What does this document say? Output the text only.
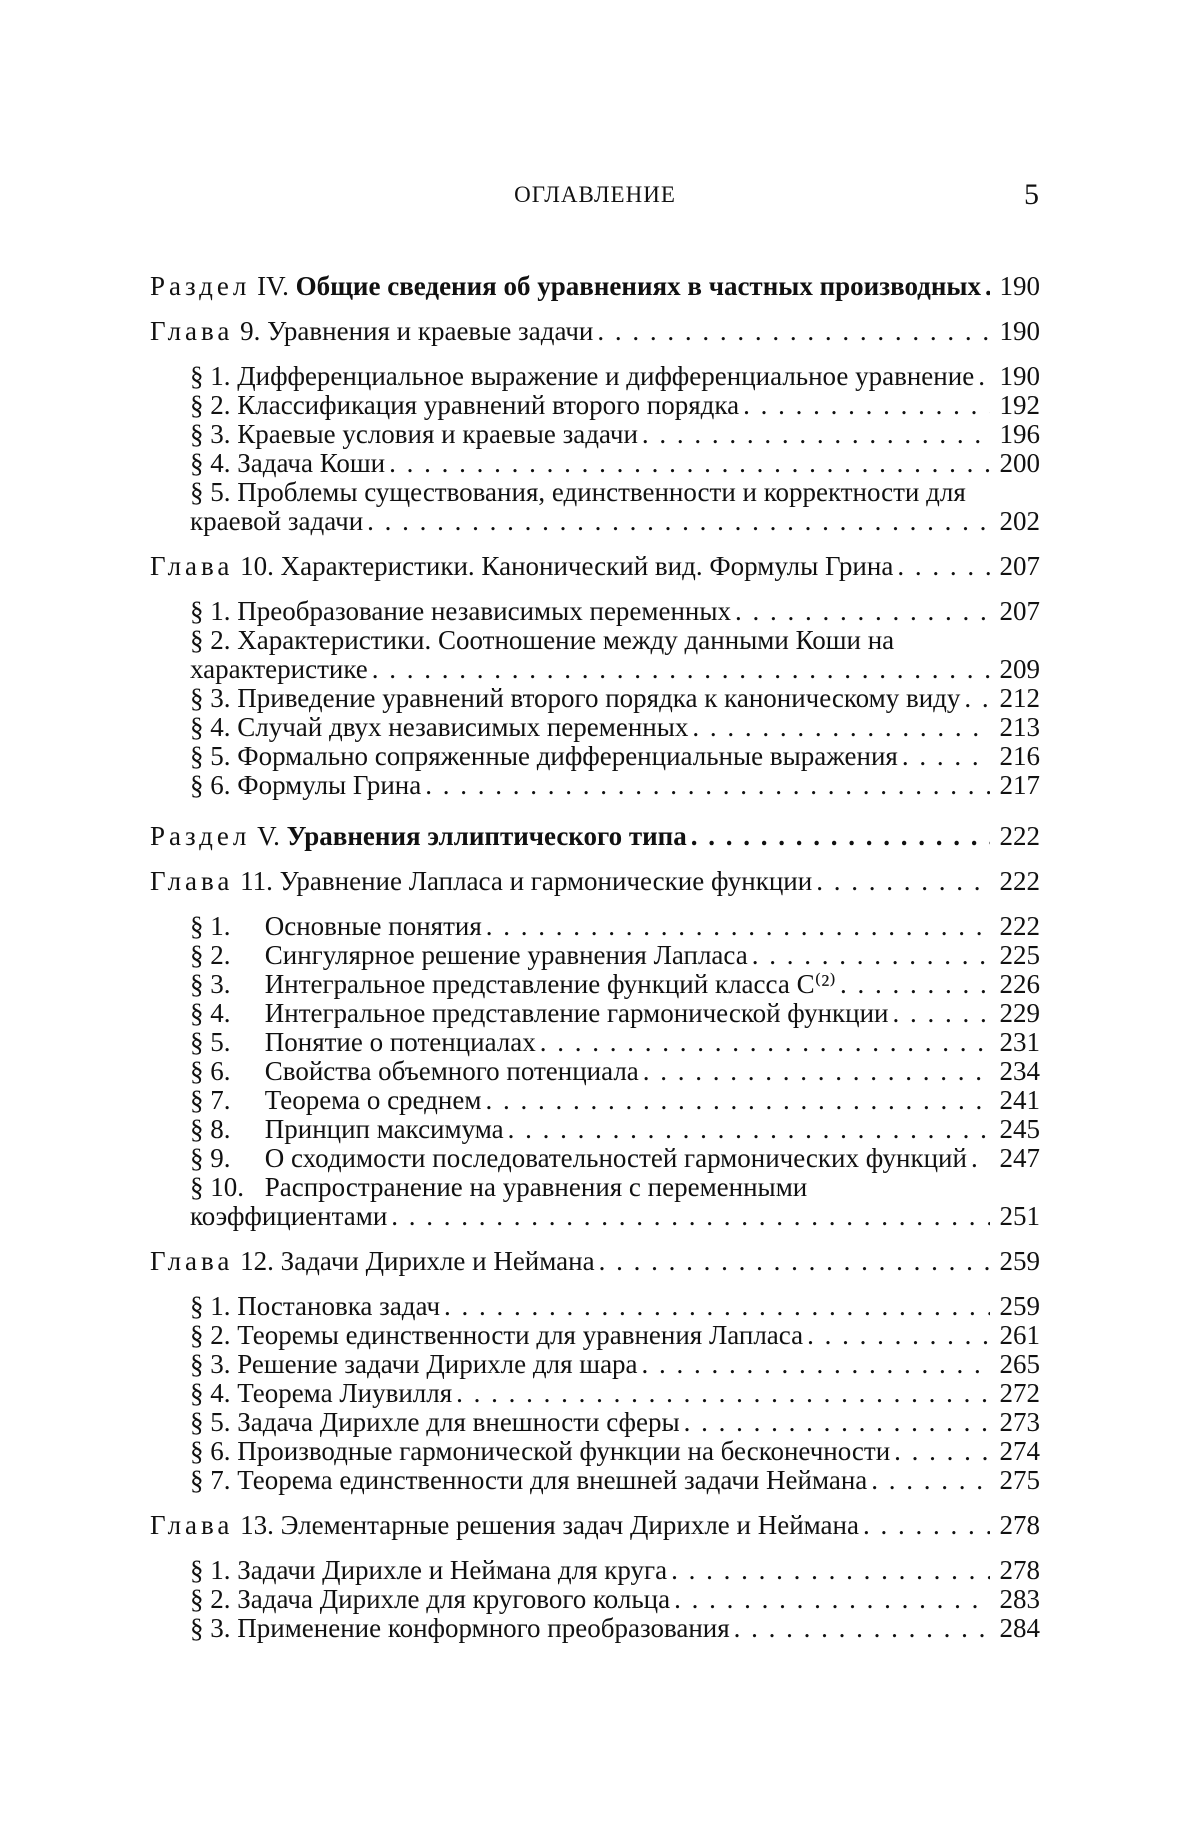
ОГЛАВЛЕНИЕ	5
Раздел IV. Общие сведения об уравнениях в частных производных . . . 190
Глава 9. Уравнения и краевые задачи . . .	190
§ 1. Дифференциальное выражение и дифференциальное уравнение . . . 190
§ 2. Классификация уравнений второго порядка . . .	192
§ 3. Краевые условия и краевые задачи . . .	196
§ 4. Задача Коши . . .	200
§ 5. Проблемы существования, единственности и корректности для краевой задачи . . .	202
Глава 10. Характеристики. Канонический вид. Формулы Грина . . .	207
§ 1. Преобразование независимых переменных . . .	207
§ 2. Характеристики. Соотношение между данными Коши на характеристике . . .	209
§ 3. Приведение уравнений второго порядка к каноническому виду . . .	212
§ 4. Случай двух независимых переменных . . .	213
§ 5. Формально сопряженные дифференциальные выражения . . .	216
§ 6. Формулы Грина . . .	217
Раздел V. Уравнения эллиптического типа . . .	222
Глава 11. Уравнение Лапласа и гармонические функции . . .	222
§ 1. Основные понятия . . .	222
§ 2. Сингулярное решение уравнения Лапласа . . .	225
§ 3. Интегральное представление функций класса C⁽²⁾ . . .	226
§ 4. Интегральное представление гармонической функции . . .	229
§ 5. Понятие о потенциалах . . .	231
§ 6. Свойства объемного потенциала . . .	234
§ 7. Теорема о среднем . . .	241
§ 8. Принцип максимума . . .	245
§ 9. О сходимости последовательностей гармонических функций . . .	247
§ 10. Распространение на уравнения с переменными коэффициентами . . .	251
Глава 12. Задачи Дирихле и Неймана . . .	259
§ 1. Постановка задач . . .	259
§ 2. Теоремы единственности для уравнения Лапласа . . .	261
§ 3. Решение задачи Дирихле для шара . . .	265
§ 4. Теорема Лиувилля . . .	272
§ 5. Задача Дирихле для внешности сферы . . .	273
§ 6. Производные гармонической функции на бесконечности . . .	274
§ 7. Теорема единственности для внешней задачи Неймана . . .	275
Глава 13. Элементарные решения задач Дирихле и Неймана . . .	278
§ 1. Задачи Дирихле и Неймана для круга . . .	278
§ 2. Задача Дирихле для кругового кольца . . .	283
§ 3. Применение конформного преобразования . . .	284
